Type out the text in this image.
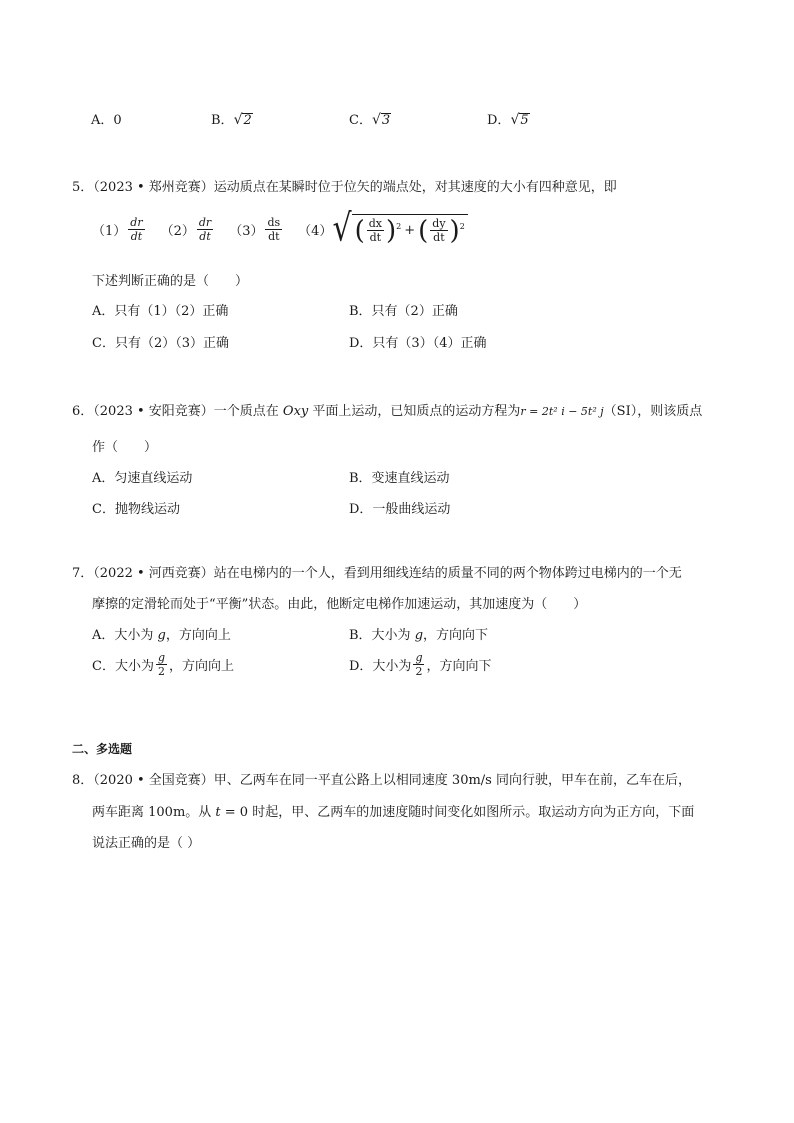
A．0	B． √ 2	C． √ 3	D． √ 5
5．（2023 • 郑州竞赛）运动质点在某瞬时位于位矢的端点处，对其速度的大小有四种意见，即
$(1) \frac{dr}{dt} (2) \frac{dr}{dt} (3) \frac{ds}{dt} (4)$ √ ( $\frac{dx}{dt}$ ) 2 + ( $\frac{dy}{dt}$ ) 2
下述判断正确的是（　　）
A．只有（1）（2）正确	B．只有（2）正确
C．只有（2）（3）正确	D．只有（3）（4）正确
6．（2023 • 安阳竞赛）一个质点在 Oxy 平面上运动，已知质点的运动方程为r = 2t² i − 5t² j（SI），则该质点
作（　　）
A．匀速直线运动	B．变速直线运动
C．抛物线运动	D．一般曲线运动
7．（2022 • 河西竞赛）站在电梯内的一个人，看到用细线连结的质量不同的两个物体跨过电梯内的一个无
摩擦的定滑轮而处于“平衡”状态。由此，他断定电梯作加速运动，其加速度为（　　）
A．大小为 g，方向向上	B．大小为 g，方向向下
C．大小为 $\frac{g}{2}$ ，方向向上	D．大小为 $\frac{g}{2}$ ，方向向下
二、多选题
8．（2020 • 全国竞赛）甲、乙两车在同一平直公路上以相同速度 30m/s 同向行驶，甲车在前，乙车在后，
两车距离 100m。从 t = 0 时起，甲、乙两车的加速度随时间变化如图所示。取运动方向为正方向，下面
说法正确的是（ ）
